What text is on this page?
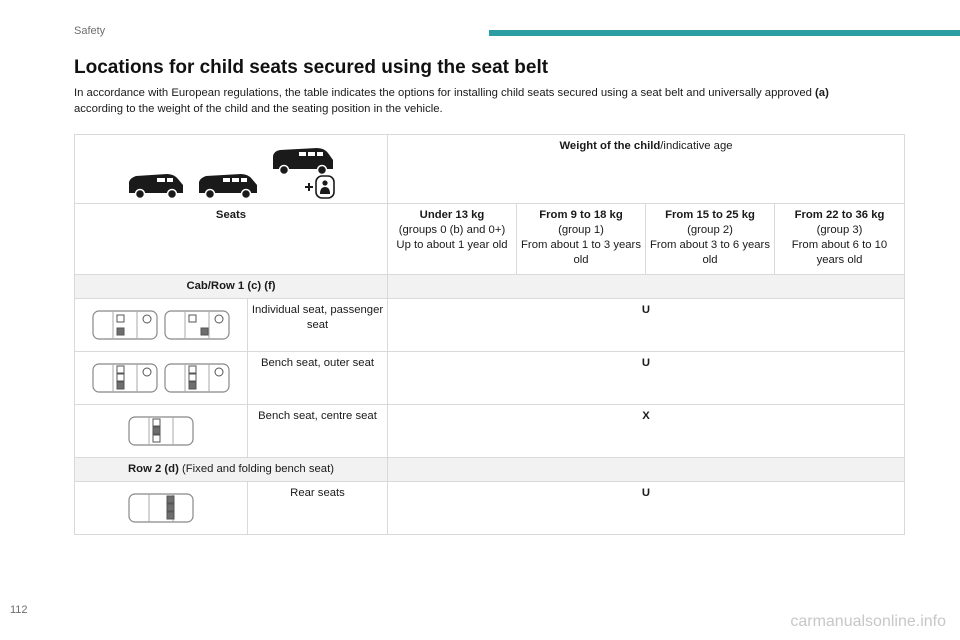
Safety
Locations for child seats secured using the seat belt
In accordance with European regulations, the table indicates the options for installing child seats secured using a seat belt and universally approved (a)
according to the weight of the child and the seating position in the vehicle.
	Weight of the child/indicative age			
Seats		Under 13 kg
(groups 0 (b) and 0+)
Up to about 1 year old	From 9 to 18 kg
(group 1)
From about 1 to 3 years old	From 15 to 25 kg
(group 2)
From about 3 to 6 years old	From 22 to 36 kg
(group 3)
From about 6 to 10 years old
Cab/Row 1 (c) (f)					

	Individual seat, passenger seat	U			

	Bench seat, outer seat	U			

	Bench seat, centre seat	X			
Row 2 (d) (Fixed and folding bench seat)					

	Rear seats	U			
112
carmanualsonline.info
